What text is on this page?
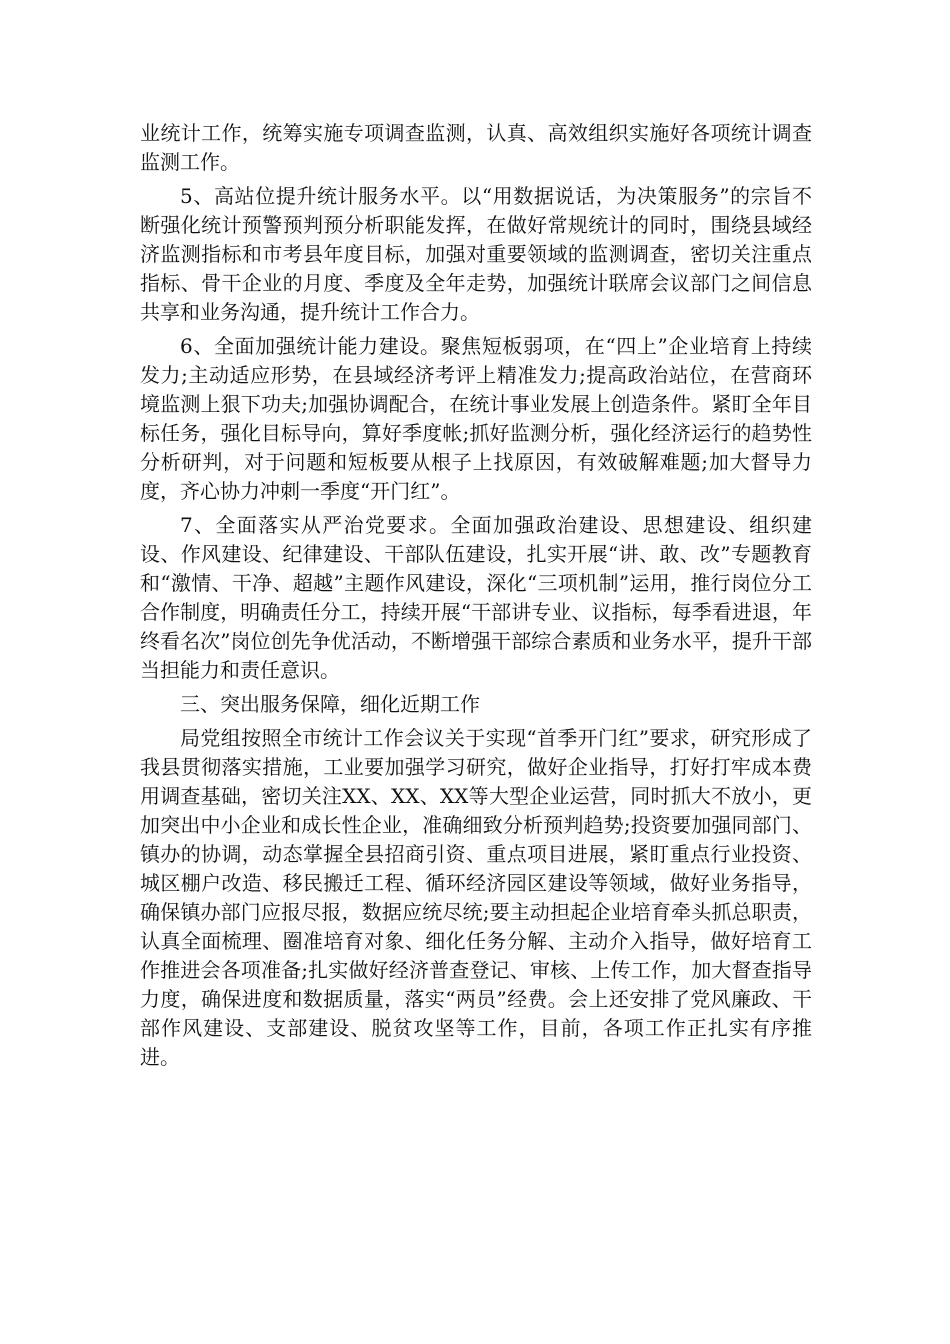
业统计工作，统筹实施专项调查监测，认真、高效组织实施好各项统计调查监测工作。

5、高站位提升统计服务水平。以“用数据说话，为决策服务”的宗旨不断强化统计预警预判预分析职能发挥，在做好常规统计的同时，围绕县域经济监测指标和市考县年度目标，加强对重要领域的监测调查，密切关注重点指标、骨干企业的月度、季度及全年走势，加强统计联席会议部门之间信息共享和业务沟通，提升统计工作合力。

6、全面加强统计能力建设。聚焦短板弱项，在“四上”企业培育上持续发力;主动适应形势，在县域经济考评上精准发力;提高政治站位，在营商环境监测上狠下功夫;加强协调配合，在统计事业发展上创造条件。紧盯全年目标任务，强化目标导向，算好季度帐;抓好监测分析，强化经济运行的趋势性分析研判，对于问题和短板要从根子上找原因，有效破解难题;加大督导力度，齐心协力冲刺一季度“开门红”。

7、全面落实从严治党要求。全面加强政治建设、思想建设、组织建设、作风建设、纪律建设、干部队伍建设，扎实开展“讲、敢、改”专题教育和“激情、干净、超越”主题作风建设，深化“三项机制”运用，推行岗位分工合作制度，明确责任分工，持续开展“干部讲专业、议指标，每季看进退，年终看名次”岗位创先争优活动，不断增强干部综合素质和业务水平，提升干部当担能力和责任意识。

三、突出服务保障，细化近期工作

局党组按照全市统计工作会议关于实现“首季开门红”要求，研究形成了我县贯彻落实措施，工业要加强学习研究，做好企业指导，打好打牢成本费用调查基础，密切关注XX、XX、XX等大型企业运营，同时抓大不放小，更加突出中小企业和成长性企业，准确细致分析预判趋势;投资要加强同部门、镇办的协调，动态掌握全县招商引资、重点项目进展，紧盯重点行业投资、城区棚户改造、移民搬迁工程、循环经济园区建设等领域，做好业务指导，确保镇办部门应报尽报，数据应统尽统;要主动担起企业培育牵头抓总职责，认真全面梳理、圈准培育对象、细化任务分解、主动介入指导，做好培育工作推进会各项准备;扎实做好经济普查登记、审核、上传工作，加大督查指导力度，确保进度和数据质量，落实“两员”经费。会上还安排了党风廉政、干部作风建设、支部建设、脱贫攻坚等工作，目前，各项工作正扎实有序推进。
